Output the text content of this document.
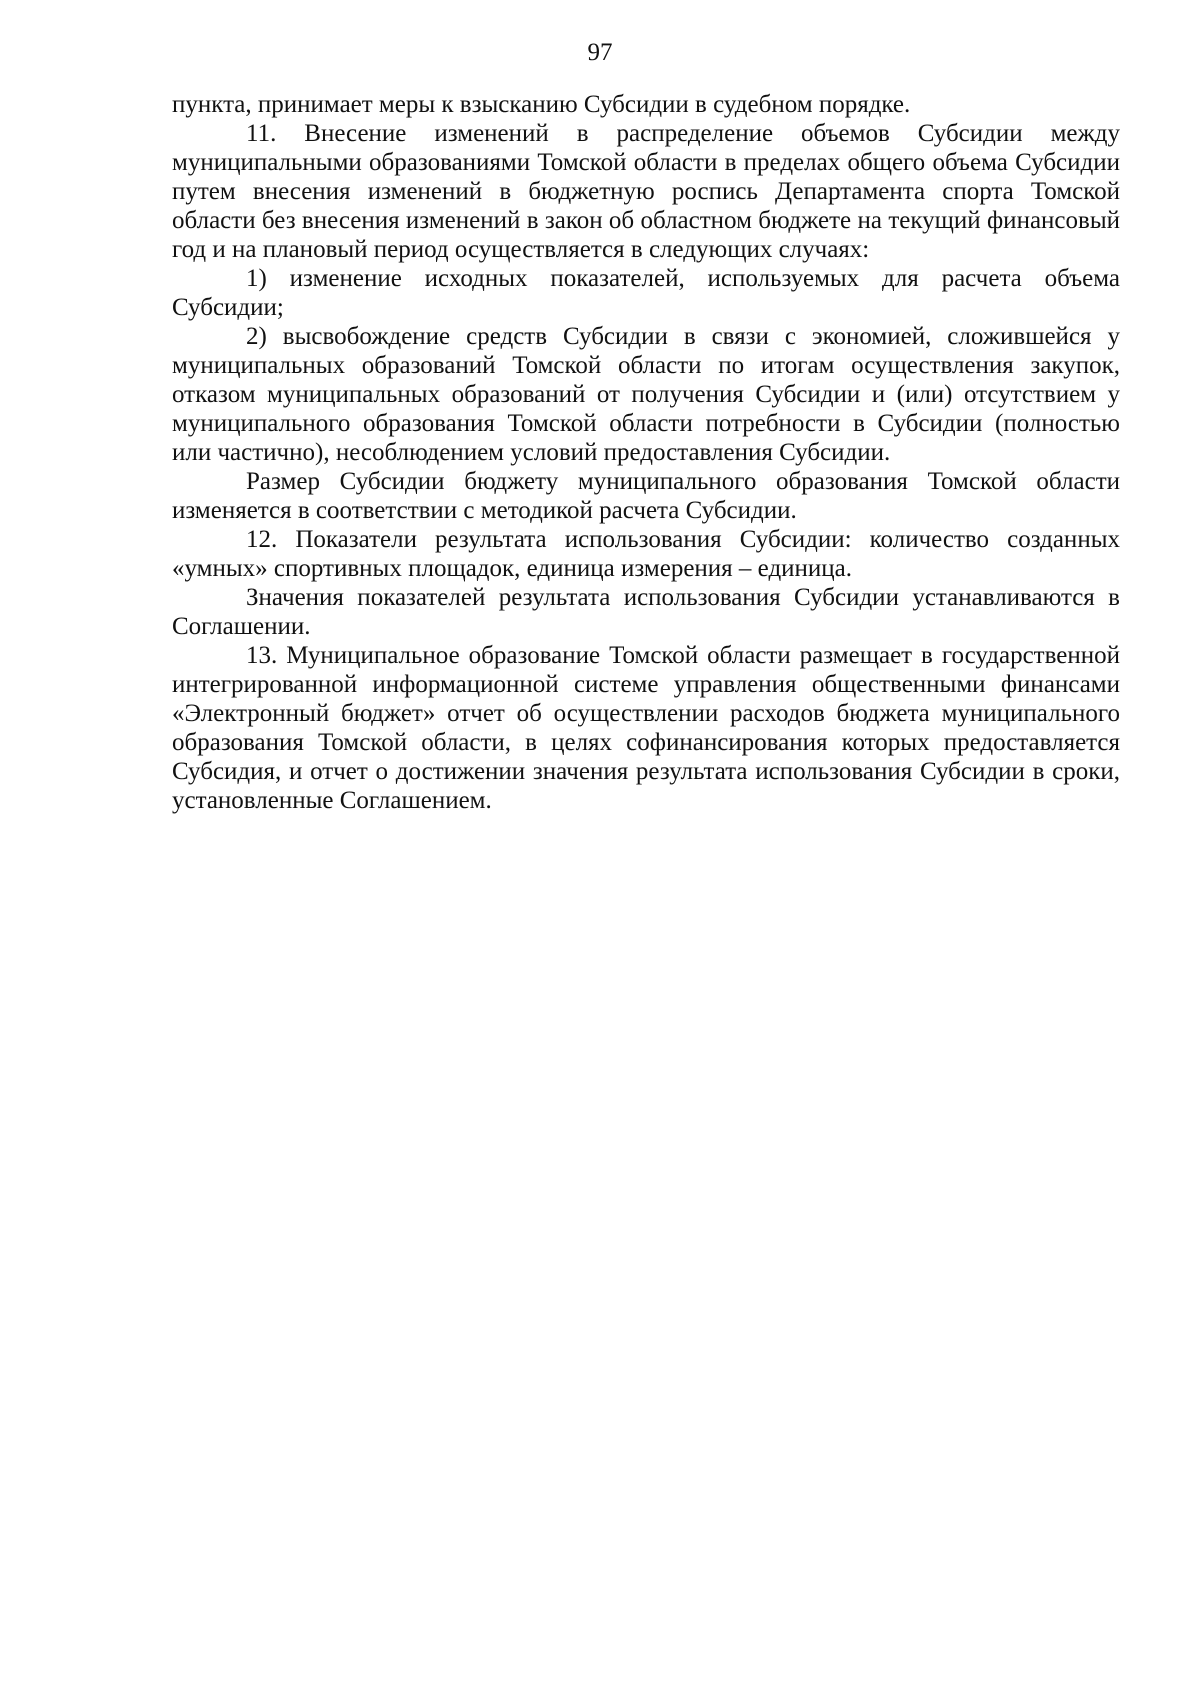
97

пункта, принимает меры к взысканию Субсидии в судебном порядке.

11. Внесение изменений в распределение объемов Субсидии между муниципальными образованиями Томской области в пределах общего объема Субсидии путем внесения изменений в бюджетную роспись Департамента спорта Томской области без внесения изменений в закон об областном бюджете на текущий финансовый год и на плановый период осуществляется в следующих случаях:

1) изменение исходных показателей, используемых для расчета объема Субсидии;

2) высвобождение средств Субсидии в связи с экономией, сложившейся у муниципальных образований Томской области по итогам осуществления закупок, отказом муниципальных образований от получения Субсидии и (или) отсутствием у муниципального образования Томской области потребности в Субсидии (полностью или частично), несоблюдением условий предоставления Субсидии.

Размер Субсидии бюджету муниципального образования Томской области изменяется в соответствии с методикой расчета Субсидии.

12. Показатели результата использования Субсидии: количество созданных «умных» спортивных площадок, единица измерения – единица.

Значения показателей результата использования Субсидии устанавливаются в Соглашении.

13. Муниципальное образование Томской области размещает в государственной интегрированной информационной системе управления общественными финансами «Электронный бюджет» отчет об осуществлении расходов бюджета муниципального образования Томской области, в целях софинансирования которых предоставляется Субсидия, и отчет о достижении значения результата использования Субсидии в сроки, установленные Соглашением.
